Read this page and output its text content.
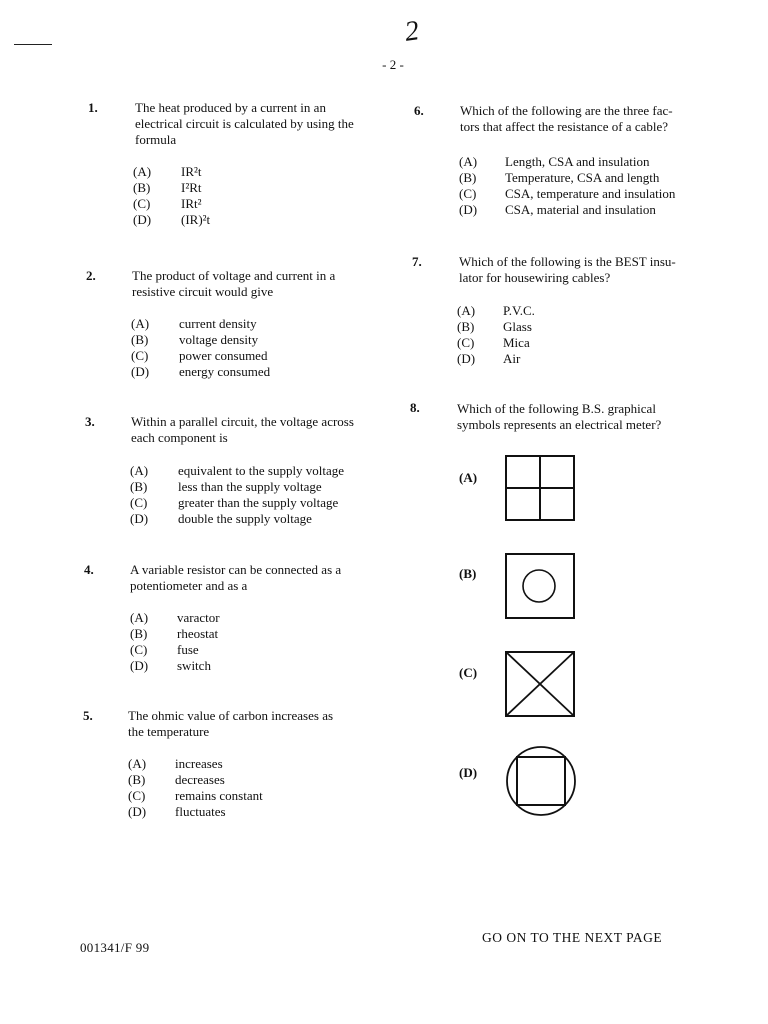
2
- 2 -
1.	The heat produced by a current in an
electrical circuit is calculated by using the
formula
(A) IR²t
(B) I²Rt
(C) IRt²
(D) (IR)²t
2.	The product of voltage and current in a
resistive circuit would give
(A) current density
(B) voltage density
(C) power consumed
(D) energy consumed
3.	Within a parallel circuit, the voltage across
each component is
(A) equivalent to the supply voltage
(B) less than the supply voltage
(C) greater than the supply voltage
(D) double the supply voltage
4.	A variable resistor can be connected as a
potentiometer and as a
(A) varactor
(B) rheostat
(C) fuse
(D) switch
5.	The ohmic value of carbon increases as
the temperature
(A) increases
(B) decreases
(C) remains constant
(D) fluctuates
6.	Which of the following are the three fac-
tors that affect the resistance of a cable?
(A) Length, CSA and insulation
(B) Temperature, CSA and length
(C) CSA, temperature and insulation
(D) CSA, material and insulation
7.	Which of the following is the BEST insu-
lator for housewiring cables?
(A) P.V.C.
(B) Glass
(C) Mica
(D) Air
8.	Which of the following B.S. graphical
symbols represents an electrical meter?
(A)
(B)
(C)
(D)
001341/F 99
GO ON TO THE NEXT PAGE
